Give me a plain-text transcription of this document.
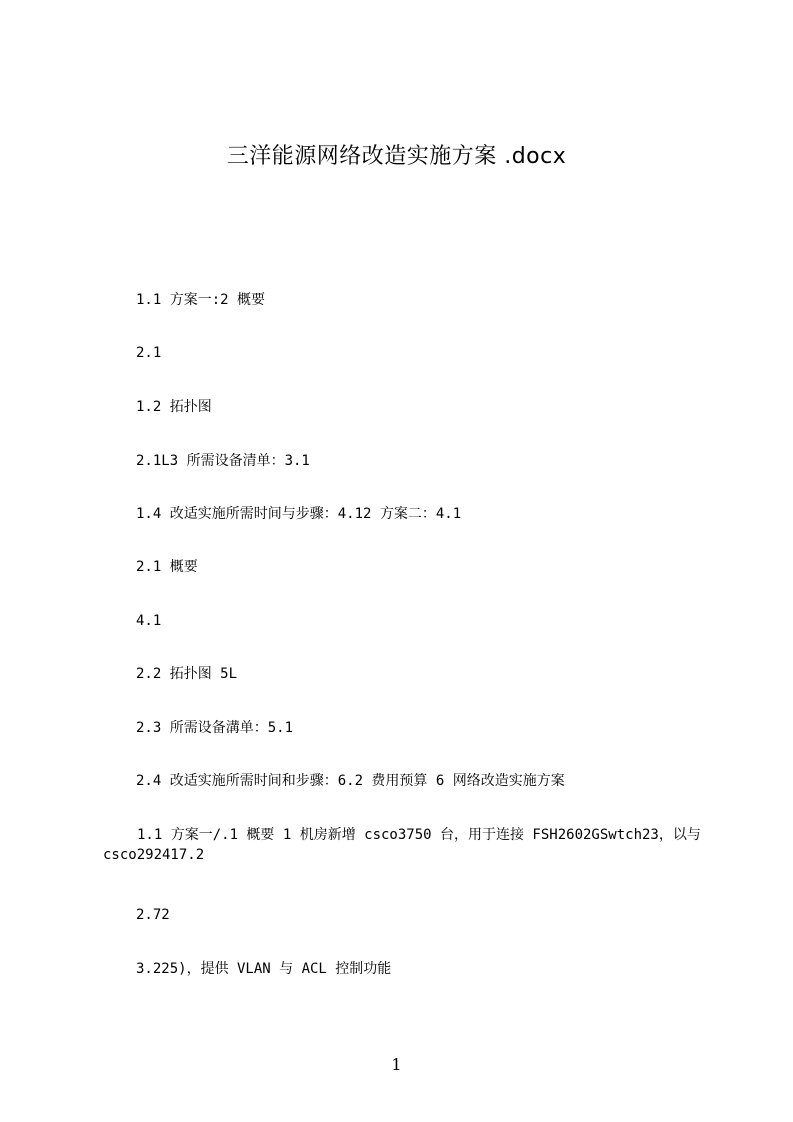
三洋能源网络改造实施方案 .docx
1.1 方案一:2 概要
2.1
1.2 拓扑图
2.1L3 所需设备清单：3.1
1.4 改适实施所需时间与步骤：4.12 方案二：4.1
2.1 概要
4.1
2.2 拓扑图 5L
2.3 所需设备溝单：5.1
2.4 改适实施所需时间和步骤：6.2 费用预算 6 网络改造实施方案
1.1 方案一/.1 概要 1 机房新增 csco3750 台，用于连接 FSH2602GSwtch23，以与 csco292417.2
2.72
3.225)，提供 VLAN 与 ACL 控制功能
1
